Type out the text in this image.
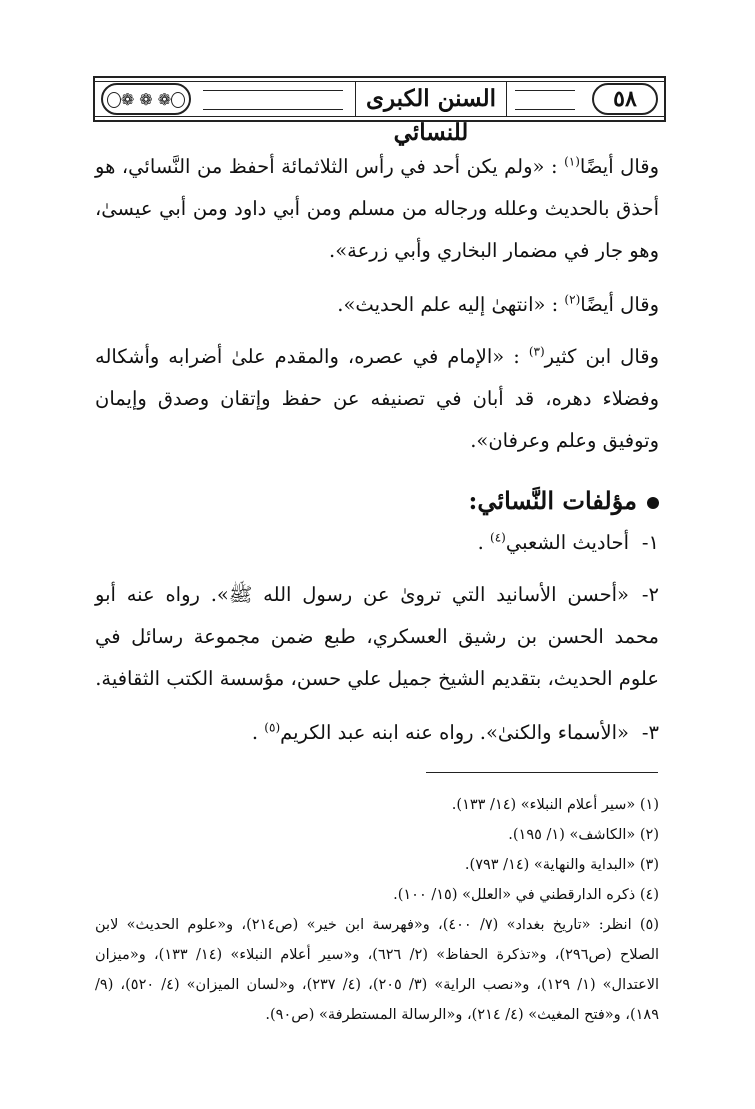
٥٨
السنن الكبرى للنسائي
❁ ❁ ❁
وقال أيضًا$^{(١)}$ : «ولم يكن أحد في رأس الثلاثمائة أحفظ من النَّسائي، هو أحذق بالحديث وعلله ورجاله من مسلم ومن أبي داود ومن أبي عيسىٰ، وهو جار في مضمار البخاري وأبي زرعة».
وقال أيضًا$^{(٢)}$ : «انتهىٰ إليه علم الحديث».
وقال ابن كثير$^{(٣)}$ : «الإمام في عصره، والمقدم علىٰ أضرابه وأشكاله وفضلاء دهره، قد أبان في تصنيفه عن حفظ وإتقان وصدق وإيمان وتوفيق وعلم وعرفان».
مؤلفات النَّسائي:
١-أحاديث الشعبي$^{(٤)}$ .
٢-«أحسن الأسانيد التي تروىٰ عن رسول الله ﷺ». رواه عنه أبو محمد الحسن بن رشيق العسكري، طبع ضمن مجموعة رسائل في علوم الحديث، بتقديم الشيخ جميل علي حسن، مؤسسة الكتب الثقافية.
٣-«الأسماء والكنىٰ». رواه عنه ابنه عبد الكريم$^{(٥)}$ .
(١) «سير أعلام النبلاء» (١٤/ ١٣٣).
(٢) «الكاشف» (١/ ١٩٥).
(٣) «البداية والنهاية» (١٤/ ٧٩٣).
(٤) ذكره الدارقطني في «العلل» (١٥/ ١٠٠).
(٥) انظر: «تاريخ بغداد» (٧/ ٤٠٠)، و«فهرسة ابن خير» (ص٢١٤)، و«علوم الحديث» لابن الصلاح (ص٢٩٦)، و«تذكرة الحفاظ» (٢/ ٦٢٦)، و«سير أعلام النبلاء» (١٤/ ١٣٣)، و«ميزان الاعتدال» (١/ ١٢٩)، و«نصب الراية» (٣/ ٢٠٥)، (٤/ ٢٣٧)، و«لسان الميزان» (٤/ ٥٢٠)، (٩/ ١٨٩)، و«فتح المغيث» (٤/ ٢١٤)، و«الرسالة المستطرفة» (ص٩٠).
